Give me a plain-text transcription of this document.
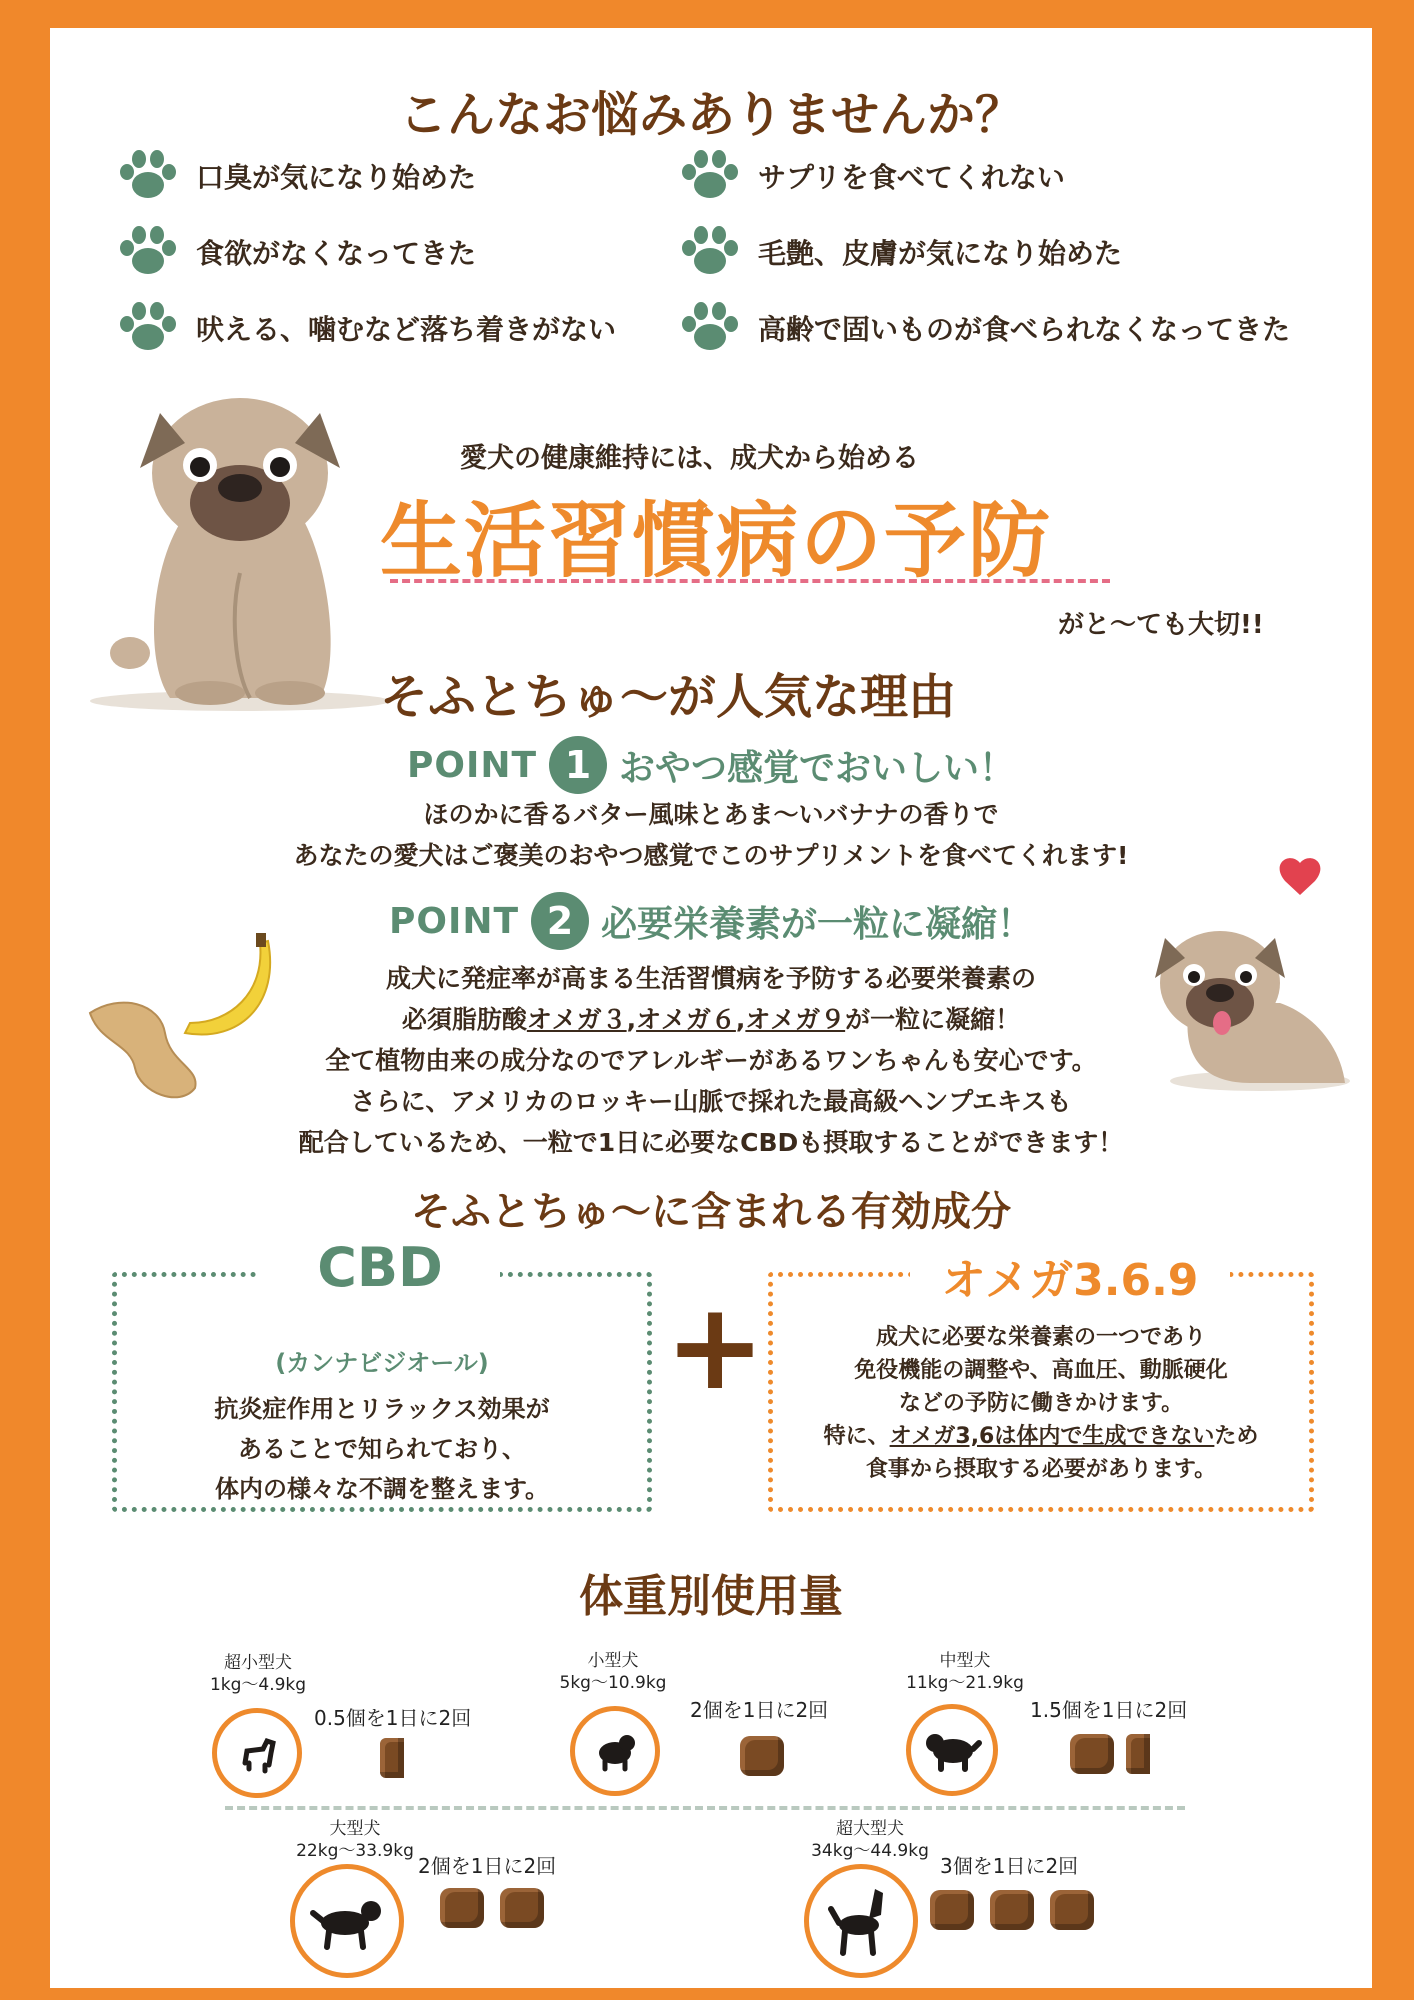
こんなお悩みありませんか？
口臭が気になり始めた	サプリを食べてくれない
食欲がなくなってきた	毛艶、皮膚が気になり始めた
吠える、噛むなど落ち着きがない	高齢で固いものが食べられなくなってきた
愛犬の健康維持には、成犬から始める
生活習慣病の予防
がと〜ても大切!!
そふとちゅ〜が人気な理由
POINT 1 おやつ感覚でおいしい！
ほのかに香るバター風味とあま〜いバナナの香りで
あなたの愛犬はご褒美のおやつ感覚でこのサプリメントを食べてくれます!
POINT 2 必要栄養素が一粒に凝縮！
成犬に発症率が高まる生活習慣病を予防する必要栄養素の
必須脂肪酸オメガ３,オメガ６,オメガ９が一粒に凝縮！
全て植物由来の成分なのでアレルギーがあるワンちゃんも安心です。
さらに、アメリカのロッキー山脈で採れた最高級ヘンプエキスも
配合しているため、一粒で1日に必要なCBDも摂取することができます！
そふとちゅ〜に含まれる有効成分
(カンナビジオール)
抗炎症作用とリラックス効果が
あることで知られており、
体内の様々な不調を整えます。
CBD
+	成犬に必要な栄養素の一つであり
免役機能の調整や、高血圧、動脈硬化
などの予防に働きかけます。
特に、オメガ3,6は体内で生成できないため
食事から摂取する必要があります。
オメガ3.6.9
体重別使用量
超小型犬
1kg〜4.9kg
0.5個を1日に2回
小型犬
5kg〜10.9kg
2個を1日に2回
中型犬
11kg〜21.9kg
1.5個を1日に2回
大型犬
22kg〜33.9kg
2個を1日に2回
超大型犬
34kg〜44.9kg
3個を1日に2回
